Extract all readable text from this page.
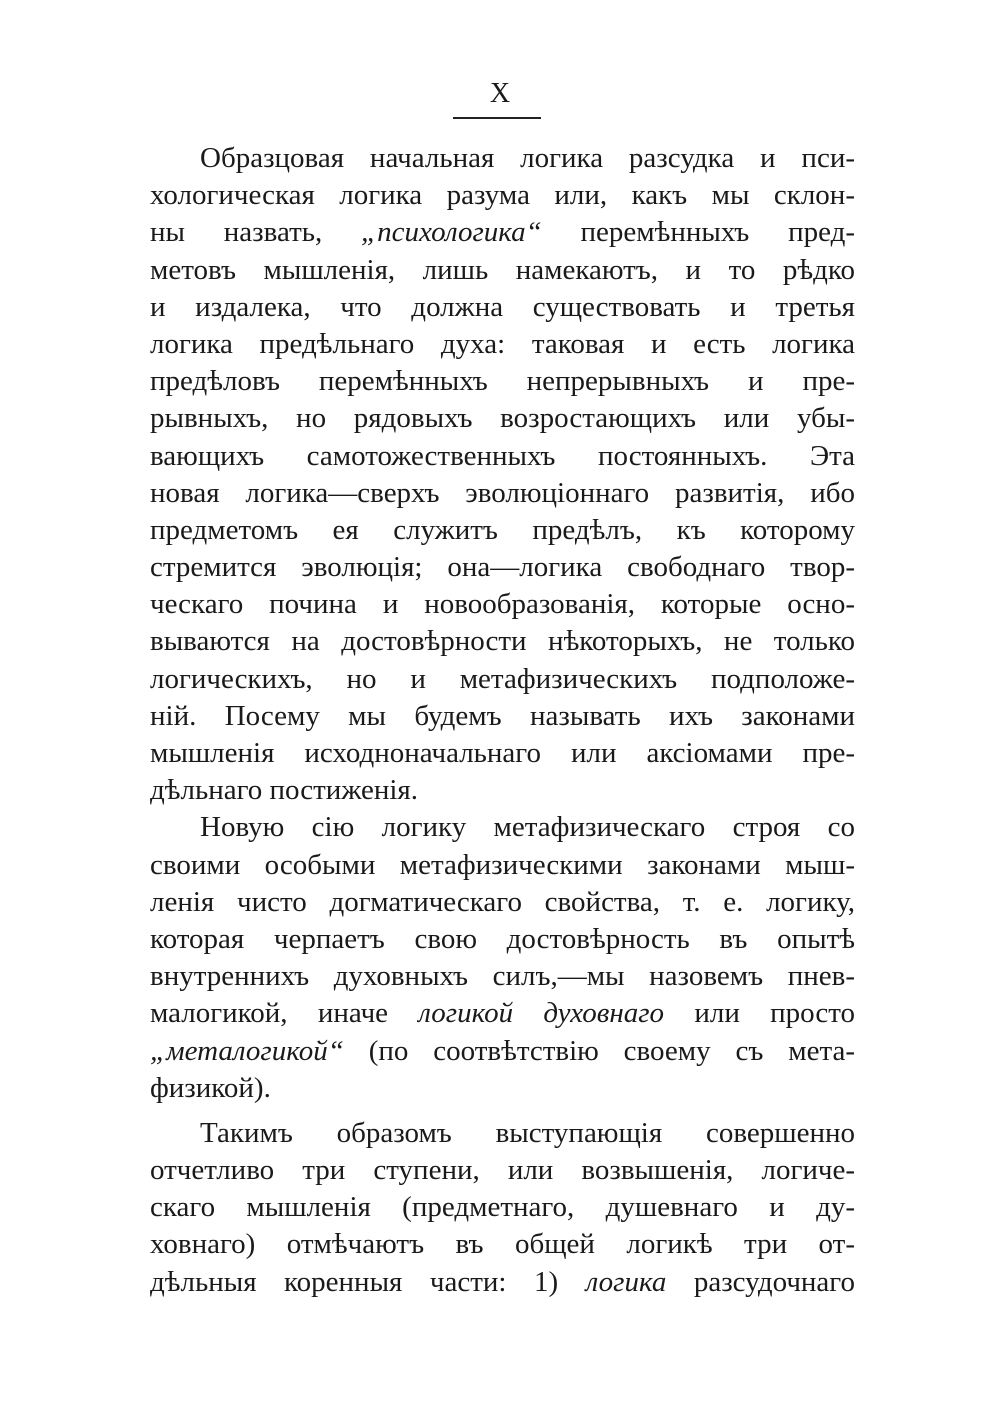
X
Образцовая начальная логика разсудка и пси-
хологическая логика разума или, какъ мы склон-
ны назвать, „психологика“ перемѣнныхъ пред-
метовъ мышленія, лишь намекаютъ, и то рѣдко
и издалека, что должна существовать и третья
логика предѣльнаго духа: таковая и есть логика
предѣловъ перемѣнныхъ непрерывныхъ и пре-
рывныхъ, но рядовыхъ возростающихъ или убы-
вающихъ самотожественныхъ постоянныхъ. Эта
новая логика—сверхъ эволюціоннаго развитія, ибо
предметомъ ея служитъ предѣлъ, къ которому
стремится эволюція; она—логика свободнаго твор-
ческаго почина и новообразованія, которые осно-
вываются на достовѣрности нѣкоторыхъ, не только
логическихъ, но и метафизическихъ подположе-
ній. Посему мы будемъ называть ихъ законами
мышленія исходноначальнаго или аксіомами пре-
дѣльнаго постиженія.
Новую сію логику метафизическаго строя со
своими особыми метафизическими законами мыш-
ленія чисто догматическаго свойства, т. е. логику,
которая черпаетъ свою достовѣрность въ опытѣ
внутреннихъ духовныхъ силъ,—мы назовемъ пнев-
малогикой, иначе логикой духовнаго или просто
„металогикой“ (по соотвѣтствію своему съ мета-
физикой).
Такимъ образомъ выступающія совершенно
отчетливо три ступени, или возвышенія, логиче-
скаго мышленія (предметнаго, душевнаго и ду-
ховнаго) отмѣчаютъ въ общей логикѣ три от-
дѣльныя коренныя части: 1) логика разсудочнаго
